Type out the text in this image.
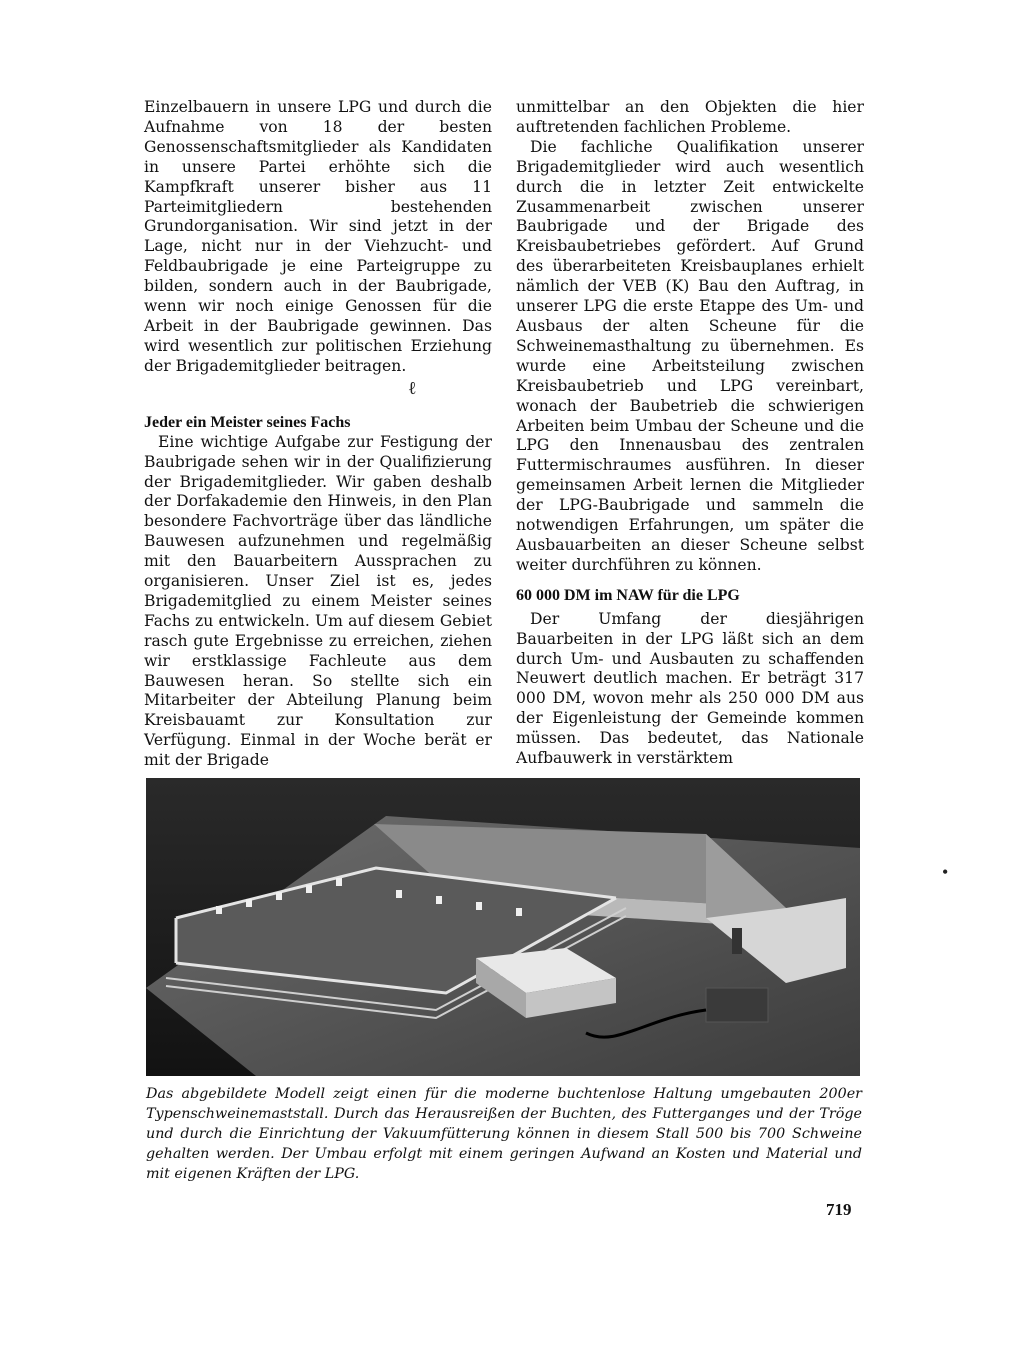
Einzelbauern in unsere LPG und durch die Aufnahme von 18 der besten Genossenschaftsmitglieder als Kandidaten in unsere Partei erhöhte sich die Kampfkraft unserer bisher aus 11 Parteimitgliedern bestehenden Grundorganisation. Wir sind jetzt in der Lage, nicht nur in der Viehzucht- und Feldbaubrigade je eine Parteigruppe zu bilden, sondern auch in der Baubrigade, wenn wir noch einige Genossen für die Arbeit in der Baubrigade gewinnen. Das wird wesentlich zur politischen Erziehung der Brigademitglieder beitragen.

Jeder ein Meister seines Fachs

Eine wichtige Aufgabe zur Festigung der Baubrigade sehen wir in der Qualifizierung der Brigademitglieder. Wir gaben deshalb der Dorfakademie den Hinweis, in den Plan besondere Fachvorträge über das ländliche Bauwesen aufzunehmen und regelmäßig mit den Bauarbeitern Aussprachen zu organisieren. Unser Ziel ist es, jedes Brigademitglied zu einem Meister seines Fachs zu entwickeln. Um auf diesem Gebiet rasch gute Ergebnisse zu erreichen, ziehen wir erstklassige Fachleute aus dem Bauwesen heran. So stellte sich ein Mitarbeiter der Abteilung Planung beim Kreisbauamt zur Konsultation zur Verfügung. Einmal in der Woche berät er mit der Brigade

ℓ

unmittelbar an den Objekten die hier auftretenden fachlichen Probleme.

Die fachliche Qualifikation unserer Brigademitglieder wird auch wesentlich durch die in letzter Zeit entwickelte Zusammenarbeit zwischen unserer Baubrigade und der Brigade des Kreisbaubetriebes gefördert. Auf Grund des überarbeiteten Kreisbauplanes erhielt nämlich der VEB (K) Bau den Auftrag, in unserer LPG die erste Etappe des Um- und Ausbaus der alten Scheune für die Schweinemasthaltung zu übernehmen. Es wurde eine Arbeitsteilung zwischen Kreisbaubetrieb und LPG vereinbart, wonach der Baubetrieb die schwierigen Arbeiten beim Umbau der Scheune und die LPG den Innenausbau des zentralen Futtermischraumes ausführen. In dieser gemeinsamen Arbeit lernen die Mitglieder der LPG-Baubrigade und sammeln die notwendigen Erfahrungen, um später die Ausbauarbeiten an dieser Scheune selbst weiter durchführen zu können.

60 000 DM im NAW für die LPG

Der Umfang der diesjährigen Bauarbeiten in der LPG läßt sich an dem durch Um- und Ausbauten zu schaffenden Neuwert deutlich machen. Er beträgt 317 000 DM, wovon mehr als 250 000 DM aus der Eigenleistung der Gemeinde kommen müssen. Das bedeutet, das Nationale Aufbauwerk in verstärktem

•
Das abgebildete Modell zeigt einen für die moderne buchtenlose Haltung umgebauten 200er Typenschweinemaststall. Durch das Herausreißen der Buchten, des Futterganges und der Tröge und durch die Einrichtung der Vakuumfütterung können in diesem Stall 500 bis 700 Schweine gehalten werden. Der Umbau erfolgt mit einem geringen Aufwand an Kosten und Material und mit eigenen Kräften der LPG.
719
